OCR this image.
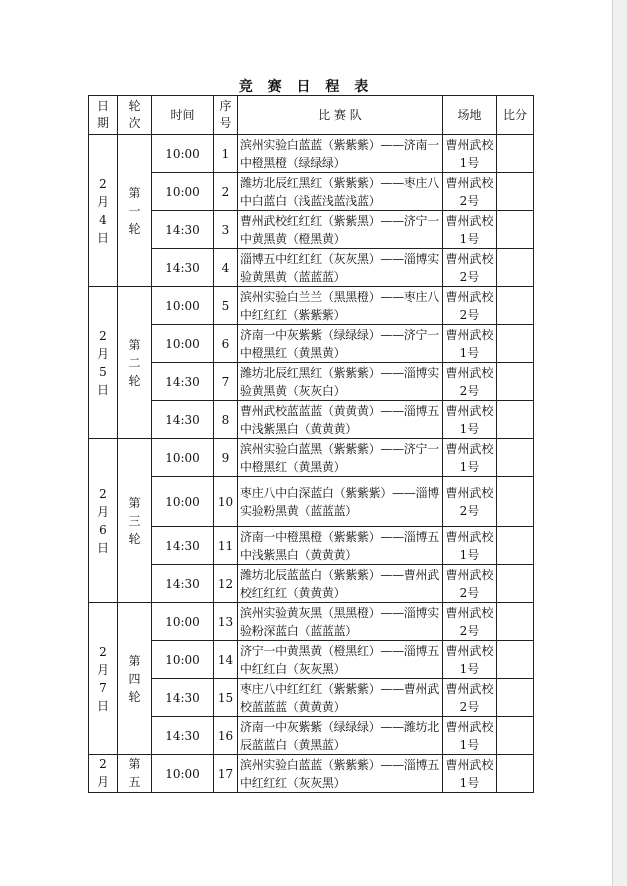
竞 赛 日 程 表
日期	轮次	时间	序号	比 赛 队	场地	比分
2月4日	第一轮	10:00	1	滨州实验白蓝蓝（紫紫紫）——济南一中橙黑橙（绿绿绿）	曹州武校1号	
		10:00	2	潍坊北辰红黑红（紫紫紫）——枣庄八中白蓝白（浅蓝浅蓝浅蓝）	曹州武校2号	
		14:30	3	曹州武校红红红（紫紫黑）——济宁一中黄黑黄（橙黑黄）	曹州武校1号	
		14:30	4	淄博五中红红红（灰灰黑）——淄博实验黄黑黄（蓝蓝蓝）	曹州武校2号	
2月5日	第二轮	10:00	5	滨州实验白兰兰（黑黑橙）——枣庄八中红红红（紫紫紫）	曹州武校2号	
		10:00	6	济南一中灰紫紫（绿绿绿）——济宁一中橙黑红（黄黑黄）	曹州武校1号	
		14:30	7	潍坊北辰红黑红（紫紫紫）——淄博实验黄黑黄（灰灰白）	曹州武校2号	
		14:30	8	曹州武校蓝蓝蓝（黄黄黄）——淄博五中浅紫黑白（黄黄黄）	曹州武校1号	
2月6日	第三轮	10:00	9	滨州实验白蓝黑（紫紫紫）——济宁一中橙黑红（黄黑黄）	曹州武校1号	
		10:00	10	枣庄八中白深蓝白（紫紫紫）——淄博实验粉黑黄（蓝蓝蓝）	曹州武校2号	
		14:30	11	济南一中橙黑橙（紫紫紫）——淄博五中浅紫黑白（黄黄黄）	曹州武校1号	
		14:30	12	潍坊北辰蓝蓝白（紫紫紫）——曹州武校红红红（黄黄黄）	曹州武校2号	
2月7日	第四轮	10:00	13	滨州实验黄灰黑（黑黑橙）——淄博实验粉深蓝白（蓝蓝蓝）	曹州武校2号	
		10:00	14	济宁一中黄黑黄（橙黑红）——淄博五中红红白（灰灰黑）	曹州武校1号	
		14:30	15	枣庄八中红红红（紫紫紫）——曹州武校蓝蓝蓝（黄黄黄）	曹州武校2号	
		14:30	16	济南一中灰紫紫（绿绿绿）——潍坊北辰蓝蓝白（黄黑蓝）	曹州武校1号	
2月	第五	10:00	17	滨州实验白蓝蓝（紫紫紫）——淄博五中红红红（灰灰黑）	曹州武校1号	
